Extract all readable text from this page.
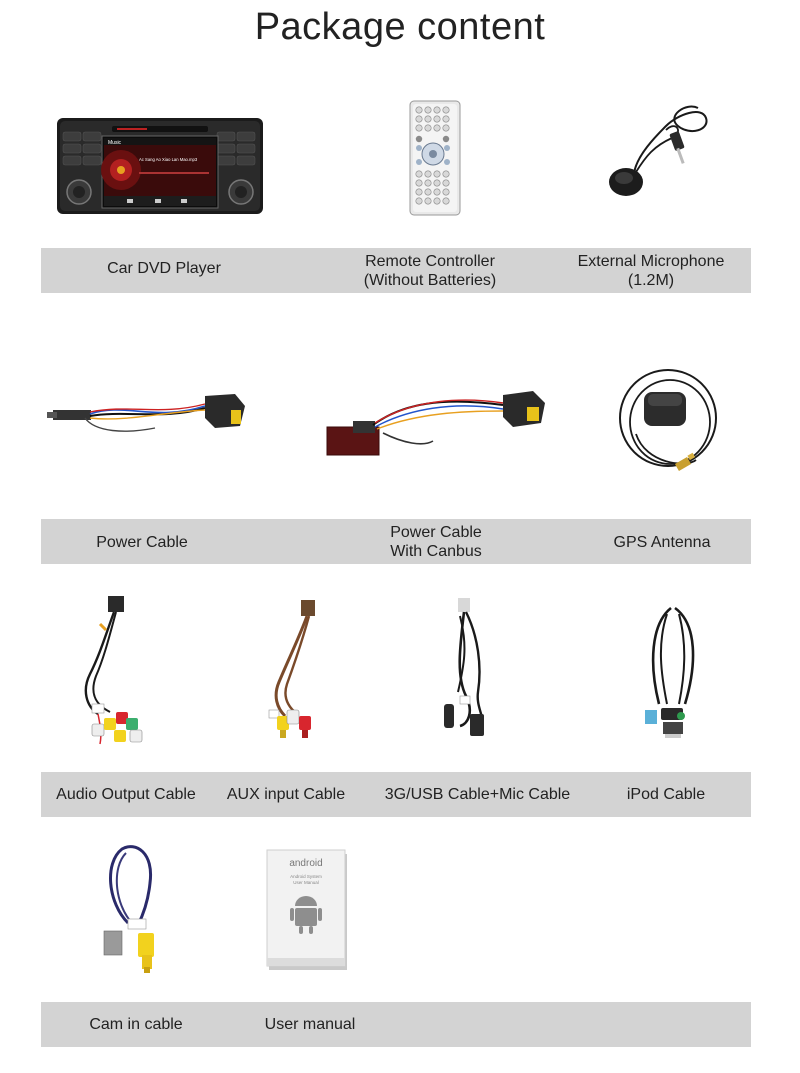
Package content
Music
Ac Sang Ao Xiao Lan Mao.mp3
Car DVD Player	Remote Controller
(Without Batteries)
External Microphone
(1.2M)
Power Cable
Power Cable
With Canbus
GPS Antenna
Audio Output Cable	AUX input Cable	3G/USB Cable+Mic Cable	iPod Cable
android
Android System
User Manual
Cam in cable	User manual
